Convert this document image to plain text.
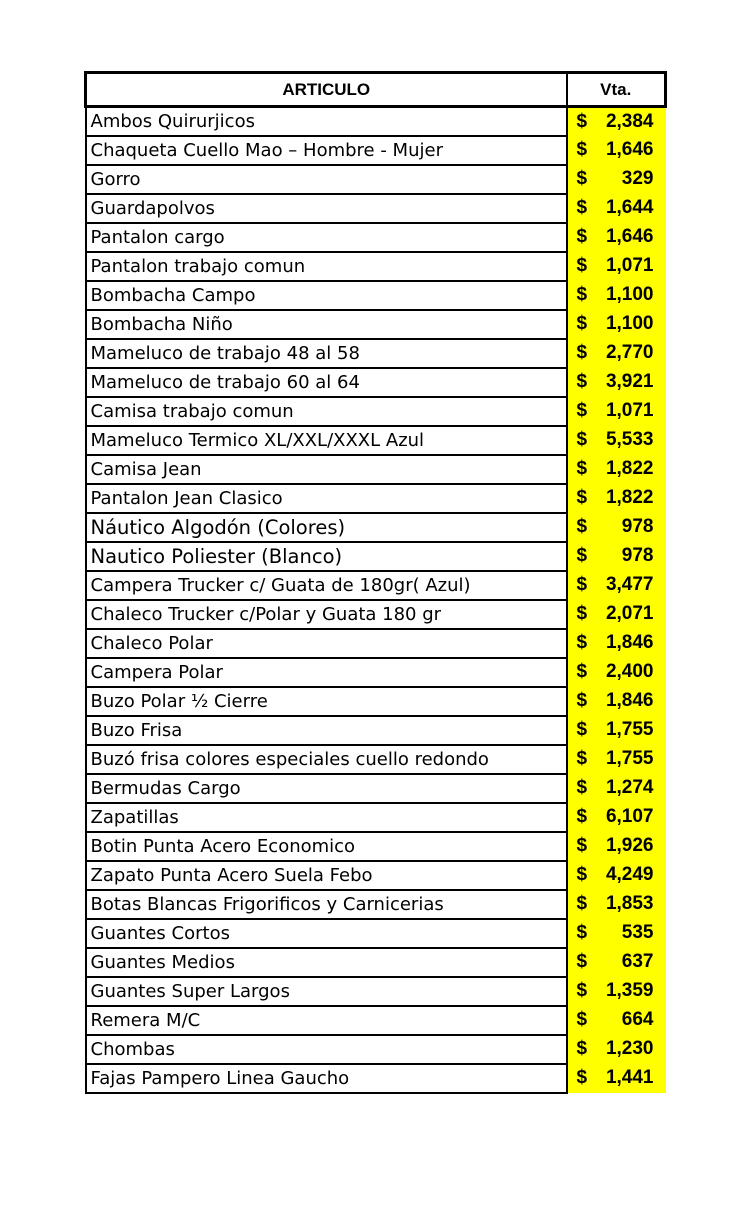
ARTICULO	Vta.
Ambos Quirurjicos	$ 2,384

Chaqueta Cuello Mao – Hombre - Mujer	$ 1,646

Gorro	$ 329

Guardapolvos	$ 1,644

Pantalon cargo	$ 1,646

Pantalon trabajo comun	$ 1,071

Bombacha Campo	$ 1,100

Bombacha Niño	$ 1,100

Mameluco de trabajo 48 al 58	$ 2,770

Mameluco de trabajo 60 al 64	$ 3,921

Camisa trabajo comun	$ 1,071

Mameluco Termico XL/XXL/XXXL Azul	$ 5,533

Camisa Jean	$ 1,822

Pantalon Jean Clasico	$ 1,822

Náutico Algodón (Colores)	$ 978

Nautico Poliester (Blanco)	$ 978

Campera Trucker c/ Guata de 180gr( Azul)	$ 3,477

Chaleco Trucker c/Polar y Guata 180 gr	$ 2,071

Chaleco Polar	$ 1,846

Campera Polar	$ 2,400

Buzo Polar ½ Cierre	$ 1,846

Buzo Frisa	$ 1,755

Buzó frisa colores especiales cuello redondo	$ 1,755

Bermudas Cargo	$ 1,274

Zapatillas	$ 6,107

Botin Punta Acero Economico	$ 1,926

Zapato Punta Acero Suela Febo	$ 4,249

Botas Blancas Frigorificos y Carnicerias	$ 1,853

Guantes Cortos	$ 535

Guantes Medios	$ 637

Guantes Super Largos	$ 1,359

Remera M/C	$ 664

Chombas	$ 1,230

Fajas Pampero Linea Gaucho	$ 1,441
